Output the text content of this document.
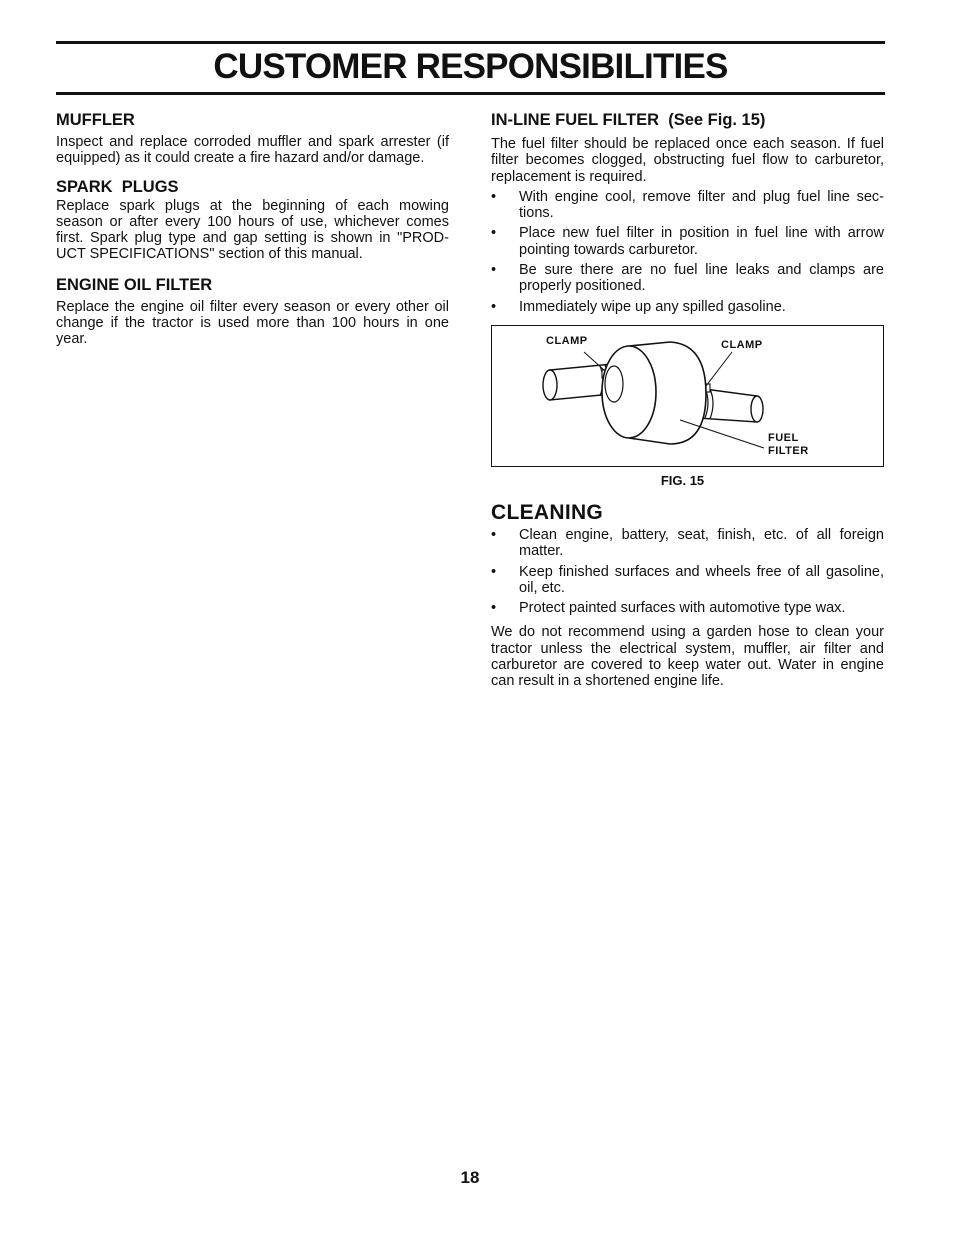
CUSTOMER RESPONSIBILITIES
MUFFLER

Inspect and replace corroded muffler and spark arrester (if equipped) as it could create a fire hazard and/or damage.

SPARK  PLUGS

Replace spark plugs at the beginning of each mowing season or after every 100 hours of use, whichever comes first. Spark plug type and gap setting is shown in "PROD-UCT SPECIFICATIONS" section of this manual.

ENGINE OIL FILTER

Replace the engine oil filter every season or every other oil change if the tractor is used more than 100 hours in one year.

IN-LINE FUEL FILTER  (See Fig. 15)

The fuel filter should be replaced once each season. If fuel filter becomes clogged, obstructing fuel flow to carburetor, replacement is required.

• With engine cool, remove filter and plug fuel line sec-tions.
• Place new fuel filter in position in fuel line with arrow pointing towards carburetor.
• Be sure there are no fuel line leaks and clamps are properly positioned.
• Immediately wipe up any spilled gasoline.
CLAMP	CLAMP
FUEL
FILTER
FIG. 15
CLEANING
• Clean engine, battery, seat, finish, etc. of all foreign matter.
• Keep finished surfaces and wheels free of all gasoline, oil, etc.
• Protect painted surfaces with automotive type wax.

We do not recommend using a garden hose to clean your tractor unless the electrical system, muffler, air filter and carburetor are covered to keep water out. Water in engine can result in a shortened engine life.

18
